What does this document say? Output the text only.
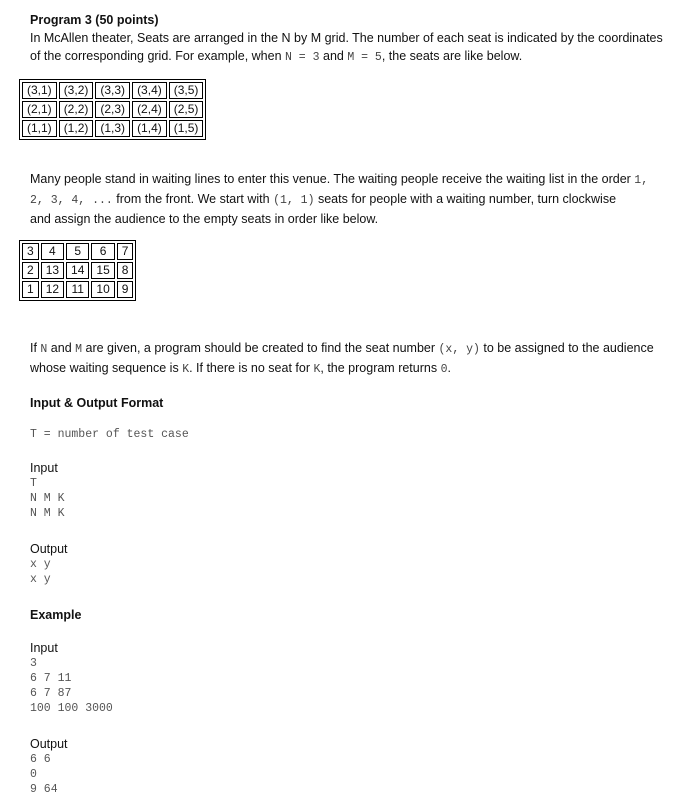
Program 3 (50 points)

In McAllen theater, Seats are arranged in the N by M grid. The number of each seat is indicated by the coordinates
of the corresponding grid. For example, when N = 3 and M = 5, the seats are like below.

(3,1)	(3,2)	(3,3)	(3,4)	(3,5)
(2,1)	(2,2)	(2,3)	(2,4)	(2,5)
(1,1)	(1,2)	(1,3)	(1,4)	(1,5)

Many people stand in waiting lines to enter this venue. The waiting people receive the waiting list in the order 1,
2, 3, 4, ... from the front. We start with (1, 1) seats for people with a waiting number, turn clockwise
and assign the audience to the empty seats in order like below.

3	4	5	6	7
2	13	14	15	8
1	12	11	10	9

If N and M are given, a program should be created to find the seat number (x, y) to be assigned to the audience
whose waiting sequence is K. If there is no seat for K, the program returns 0.

Input & Output Format

T = number of test case
Input
T
N M K
N M K
Output
x y
x y

Example

Input
3
6 7 11
6 7 87
100 100 3000
Output
6 6
0
9 64
